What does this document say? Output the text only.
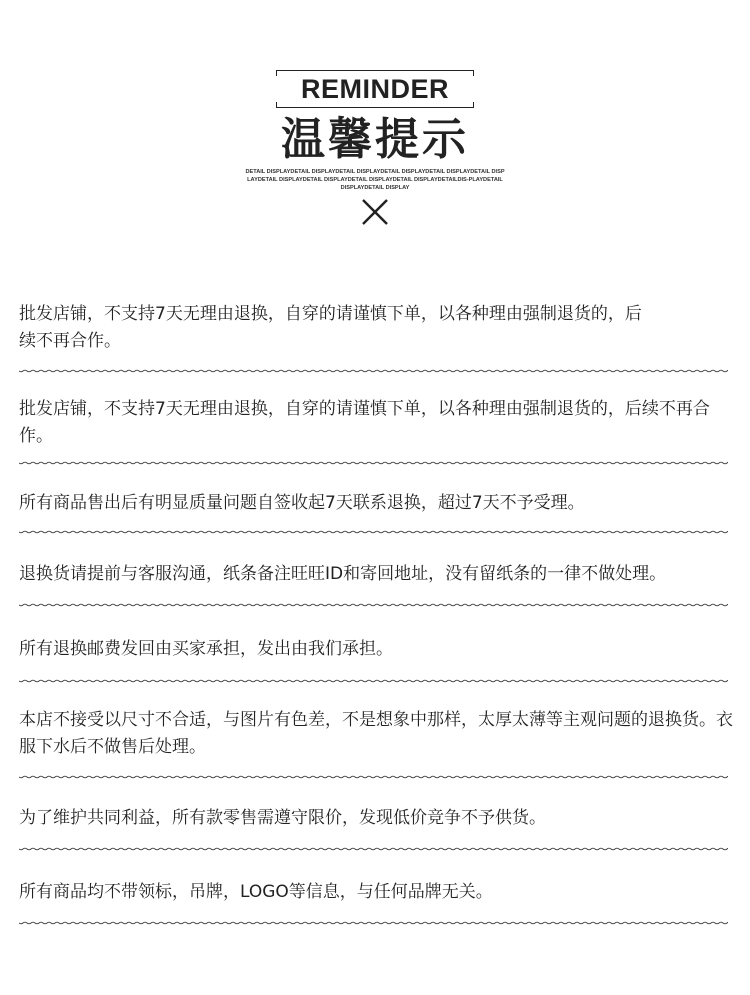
REMINDER
温馨提示
DETAIL DISPLAYDETAIL DISPLAYDETAIL DISPLAYDETAIL DISPLAYDETAIL DISPLAYDETAIL DISPLAYDETAIL DISPLAYDETAIL DISPLAYDETAIL DISPLAYDETAIL DISPLAYDETAILDIS-PLAYDETAIL DISPLAYDETAIL DISPLAY
批发店铺，不支持7天无理由退换，自穿的请谨慎下单，以各种理由强制退货的，后续不再合作。
批发店铺，不支持7天无理由退换，自穿的请谨慎下单，以各种理由强制退货的，后续不再合作。
所有商品售出后有明显质量问题自签收起7天联系退换，超过7天不予受理。
退换货请提前与客服沟通，纸条备注旺旺ID和寄回地址，没有留纸条的一律不做处理。
所有退换邮费发回由买家承担，发出由我们承担。
本店不接受以尺寸不合适，与图片有色差，不是想象中那样，太厚太薄等主观问题的退换货。衣服下水后不做售后处理。
为了维护共同利益，所有款零售需遵守限价，发现低价竞争不予供货。
所有商品均不带领标，吊牌，LOGO等信息，与任何品牌无关。
